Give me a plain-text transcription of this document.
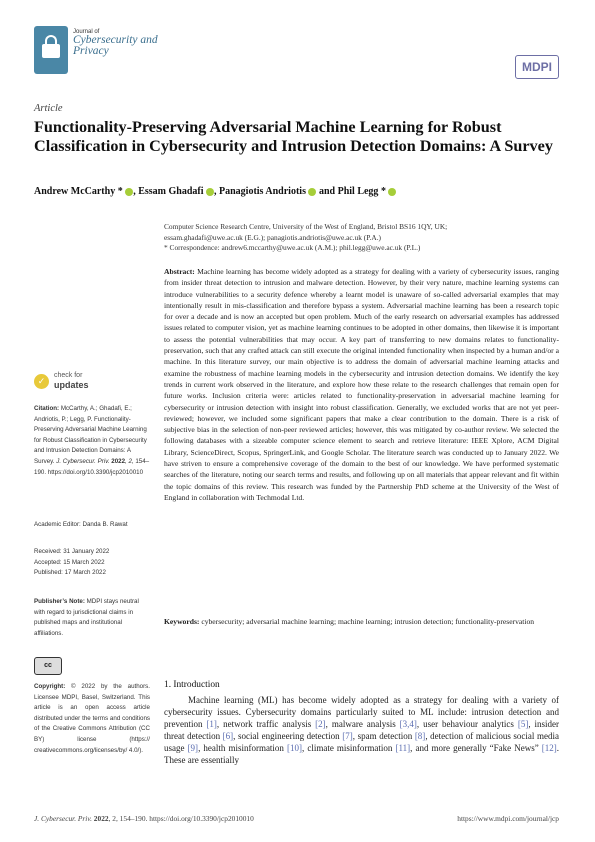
Journal of
Cybersecurity and Privacy
MDPI
Article
Functionality-Preserving Adversarial Machine Learning for Robust Classification in Cybersecurity and Intrusion Detection Domains: A Survey
Andrew McCarthy * , Essam Ghadafi , Panagiotis Andriotis  and Phil Legg *
Computer Science Research Centre, University of the West of England, Bristol BS16 1QY, UK;
essam.ghadafi@uwe.ac.uk (E.G.); panagiotis.andriotis@uwe.ac.uk (P.A.)
* Correspondence: andrew6.mccarthy@uwe.ac.uk (A.M.); phil.legg@uwe.ac.uk (P.L.)
Abstract: Machine learning has become widely adopted as a strategy for dealing with a variety of cybersecurity issues, ranging from insider threat detection to intrusion and malware detection. However, by their very nature, machine learning systems can introduce vulnerabilities to a security defence whereby a learnt model is unaware of so-called adversarial examples that may intentionally result in mis-classification and therefore bypass a system. Adversarial machine learning has been a research topic for over a decade and is now an accepted but open problem. Much of the early research on adversarial examples has addressed issues related to computer vision, yet as machine learning continues to be adopted in other domains, then likewise it is important to assess the potential vulnerabilities that may occur. A key part of transferring to new domains relates to functionality-preservation, such that any crafted attack can still execute the original intended functionality when inspected by a human and/or a machine. In this literature survey, our main objective is to address the domain of adversarial machine learning attacks and examine the robustness of machine learning models in the cybersecurity and intrusion detection domains. We identify the key trends in current work observed in the literature, and explore how these relate to the research challenges that remain open for future works. Inclusion criteria were: articles related to functionality-preservation in adversarial machine learning for cybersecurity or intrusion detection with insight into robust classification. Generally, we excluded works that are not yet peer-reviewed; however, we included some significant papers that make a clear contribution to the domain. There is a risk of subjective bias in the selection of non-peer reviewed articles; however, this was mitigated by co-author review. We selected the following databases with a sizeable computer science element to search and retrieve literature: IEEE Xplore, ACM Digital Library, ScienceDirect, Scopus, SpringerLink, and Google Scholar. The literature search was conducted up to January 2022. We have striven to ensure a comprehensive coverage of the domain to the best of our knowledge. We have performed systematic searches of the literature, noting our search terms and results, and following up on all materials that appear relevant and fit within the topic domains of this review. This research was funded by the Partnership PhD scheme at the University of the West of England in collaboration with Techmodal Ltd.
Keywords: cybersecurity; adversarial machine learning; machine learning; intrusion detection; functionality-preservation
✓
check for
updates
Citation: McCarthy, A.; Ghadafi, E.; Andriotis, P.; Legg, P. Functionality-Preserving Adversarial Machine Learning for Robust Classification in Cybersecurity and Intrusion Detection Domains: A Survey. J. Cybersecur. Priv. 2022, 2, 154–190. https://doi.org/10.3390/jcp2010010
Academic Editor: Danda B. Rawat
Received: 31 January 2022
Accepted: 15 March 2022
Published: 17 March 2022
Publisher’s Note: MDPI stays neutral with regard to jurisdictional claims in published maps and institutional affiliations.
cc
Copyright: © 2022 by the authors. Licensee MDPI, Basel, Switzerland. This article is an open access article distributed under the terms and conditions of the Creative Commons Attribution (CC BY) license (https:// creativecommons.org/licenses/by/ 4.0/).
1. Introduction
Machine learning (ML) has become widely adopted as a strategy for dealing with a variety of cybersecurity issues. Cybersecurity domains particularly suited to ML include: intrusion detection and prevention [1], network traffic analysis [2], malware analysis [3,4], user behaviour analytics [5], insider threat detection [6], social engineering detection [7], spam detection [8], detection of malicious social media usage [9], health misinformation [10], climate misinformation [11], and more generally “Fake News” [12]. These are essentially
J. Cybersecur. Priv. 2022, 2, 154–190. https://doi.org/10.3390/jcp2010010	https://www.mdpi.com/journal/jcp
